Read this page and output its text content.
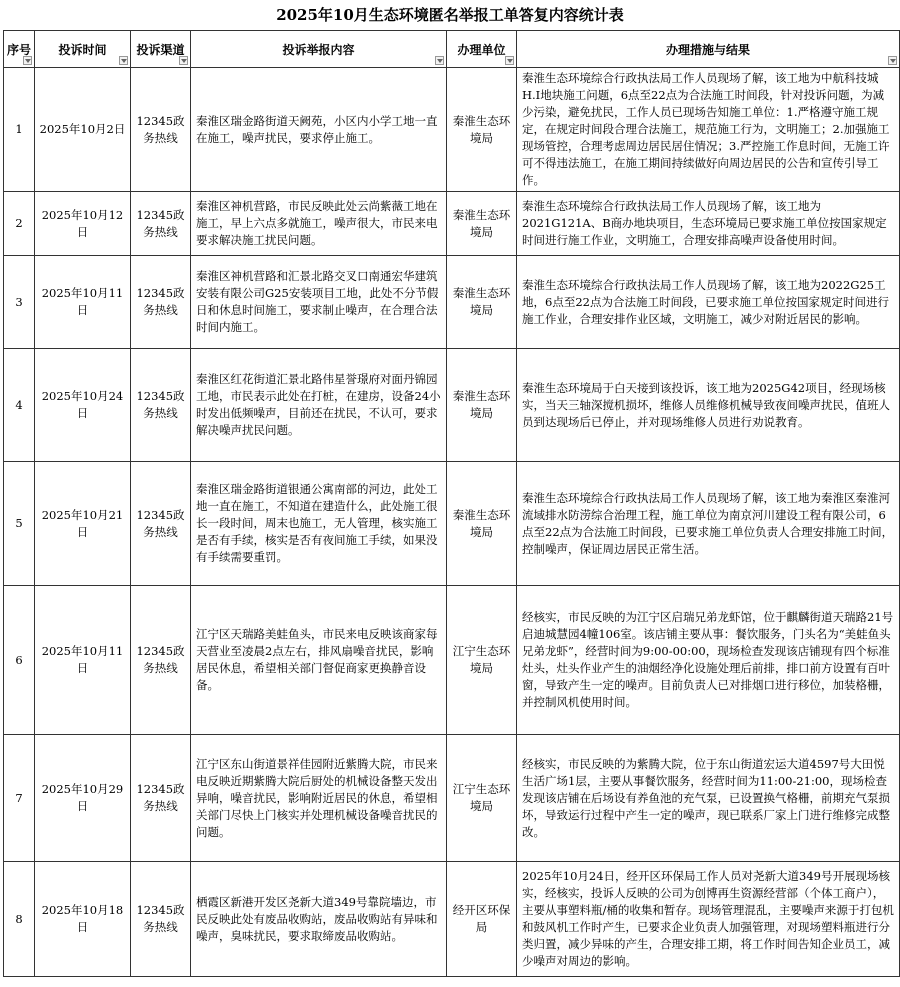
2025年10月生态环境匿名举报工单答复内容统计表
序号	投诉时间	投诉渠道	投诉举报内容	办理单位	办理措施与结果

1	2025年10月2日	12345政务热线	秦淮区瑞金路街道天阙苑，小区内小学工地一直在施工，噪声扰民，要求停止施工。	秦淮生态环境局	秦淮生态环境综合行政执法局工作人员现场了解，该工地为中航科技城H.I地块施工问题，6点至22点为合法施工时间段，针对投诉问题，为减少污染，避免扰民，工作人员已现场告知施工单位：1.严格遵守施工规定，在规定时间段合理合法施工，规范施工行为，文明施工；2.加强施工现场管控，合理考虑周边居民居住情况；3.严控施工作息时间，无施工许可不得违法施工，在施工期间持续做好向周边居民的公告和宣传引导工作。
2	2025年10月12日	12345政务热线	秦淮区神机营路，市民反映此处云尚紫薇工地在施工，早上六点多就施工，噪声很大，市民来电要求解决施工扰民问题。	秦淮生态环境局	秦淮生态环境综合行政执法局工作人员现场了解，该工地为2021G121A、B商办地块项目，生态环境局已要求施工单位按国家规定时间进行施工作业，文明施工，合理安排高噪声设备使用时间。
3	2025年10月11日	12345政务热线	秦淮区神机营路和汇景北路交叉口南通宏华建筑安装有限公司G25安装项目工地，此处不分节假日和休息时间施工，要求制止噪声，在合理合法时间内施工。	秦淮生态环境局	秦淮生态环境综合行政执法局工作人员现场了解，该工地为2022G25工地，6点至22点为合法施工时间段，已要求施工单位按国家规定时间进行施工作业，合理安排作业区域，文明施工，减少对附近居民的影响。
4	2025年10月24日	12345政务热线	秦淮区红花街道汇景北路伟星誉璟府对面丹锦园工地，市民表示此处在打桩，在建房，设备24小时发出低频噪声，目前还在扰民，不认可，要求解决噪声扰民问题。	秦淮生态环境局	秦淮生态环境局于白天接到该投诉，该工地为2025G42项目，经现场核实，当天三轴深搅机损坏，维修人员维修机械导致夜间噪声扰民，值班人员到达现场后已停止，并对现场维修人员进行劝说教育。
5	2025年10月21日	12345政务热线	秦淮区瑞金路街道银通公寓南部的河边，此处工地一直在施工，不知道在建造什么，此处施工很长一段时间，周末也施工，无人管理，核实施工是否有手续，核实是否有夜间施工手续，如果没有手续需要重罚。	秦淮生态环境局	秦淮生态环境综合行政执法局工作人员现场了解，该工地为秦淮区秦淮河流域排水防涝综合治理工程，施工单位为南京河川建设工程有限公司，6点至22点为合法施工时间段，已要求施工单位负责人合理安排施工时间，控制噪声，保证周边居民正常生活。
6	2025年10月11日	12345政务热线	江宁区天瑞路美蛙鱼头，市民来电反映该商家每天营业至凌晨2点左右，排风扇噪音扰民，影响居民休息，希望相关部门督促商家更换静音设备。	江宁生态环境局	经核实，市民反映的为江宁区启瑞兄弟龙虾馆，位于麒麟街道天瑞路21号启迪城慧园4幢106室。该店铺主要从事：餐饮服务，门头名为“美蛙鱼头兄弟龙虾”，经营时间为9:00-00:00，现场检查发现该店铺现有四个标准灶头，灶头作业产生的油烟经净化设施处理后前排，排口前方设置有百叶窗，导致产生一定的噪声。目前负责人已对排烟口进行移位，加装格栅，并控制风机使用时间。
7	2025年10月29日	12345政务热线	江宁区东山街道景祥佳园附近紫腾大院，市民来电反映近期紫腾大院后厨处的机械设备整天发出异响，噪音扰民，影响附近居民的休息，希望相关部门尽快上门核实并处理机械设备噪音扰民的问题。	江宁生态环境局	经核实，市民反映的为紫腾大院，位于东山街道宏运大道4597号大田悦生活广场1层，主要从事餐饮服务，经营时间为11:00-21:00，现场检查发现该店铺在后场设有养鱼池的充气泵，已设置换气格栅，前期充气泵损坏，导致运行过程中产生一定的噪声，现已联系厂家上门进行维修完成整改。
8	2025年10月18日	12345政务热线	栖霞区新港开发区尧新大道349号靠院墙边，市民反映此处有废品收购站，废品收购站有异味和噪声，臭味扰民，要求取缔废品收购站。	经开区环保局	2025年10月24日，经开区环保局工作人员对尧新大道349号开展现场核实，经核实，投诉人反映的公司为创博再生资源经营部（个体工商户），主要从事塑料瓶/桶的收集和暂存。现场管理混乱，主要噪声来源于打包机和鼓风机工作时产生，已要求企业负责人加强管理，对现场塑料瓶进行分类归置，减少异味的产生，合理安排工期，将工作时间告知企业员工，减少噪声对周边的影响。
